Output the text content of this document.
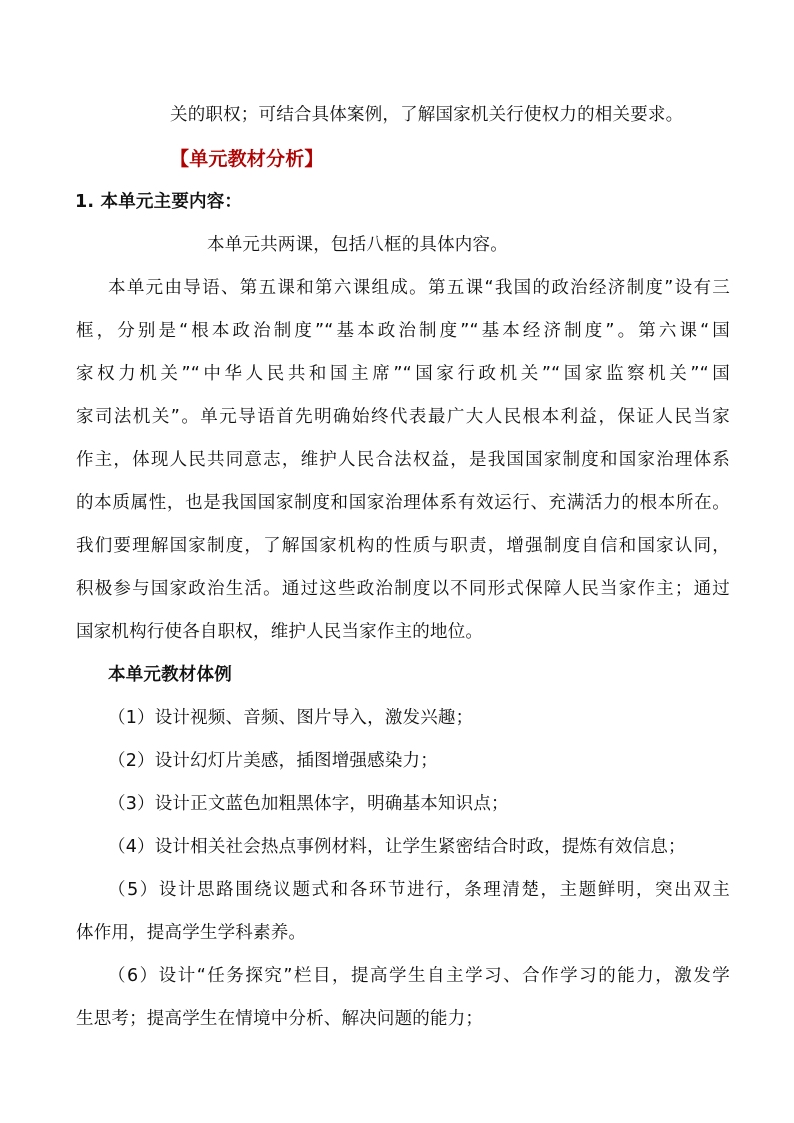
关的职权；可结合具体案例，了解国家机关行使权力的相关要求。
【单元教材分析】
1. 本单元主要内容：
本单元共两课，包括八框的具体内容。
本单元由导语、第五课和第六课组成。第五课“我国的政治经济制度”设有三
框，分别是“根本政治制度”“基本政治制度”“基本经济制度”。第六课“国
家权力机关”“中华人民共和国主席”“国家行政机关”“国家监察机关”“国
家司法机关”。单元导语首先明确始终代表最广大人民根本利益，保证人民当家
作主，体现人民共同意志，维护人民合法权益，是我国国家制度和国家治理体系
的本质属性，也是我国国家制度和国家治理体系有效运行、充满活力的根本所在。
我们要理解国家制度，了解国家机构的性质与职责，增强制度自信和国家认同，
积极参与国家政治生活。通过这些政治制度以不同形式保障人民当家作主；通过
国家机构行使各自职权，维护人民当家作主的地位。
本单元教材体例
（1）设计视频、音频、图片导入，激发兴趣；
（2）设计幻灯片美感，插图增强感染力；
（3）设计正文蓝色加粗黑体字，明确基本知识点；
（4）设计相关社会热点事例材料，让学生紧密结合时政，提炼有效信息；
（5）设计思路围绕议题式和各环节进行，条理清楚，主题鲜明，突出双主
体作用，提高学生学科素养。
（6）设计“任务探究”栏目，提高学生自主学习、合作学习的能力，激发学
生思考；提高学生在情境中分析、解决问题的能力；
